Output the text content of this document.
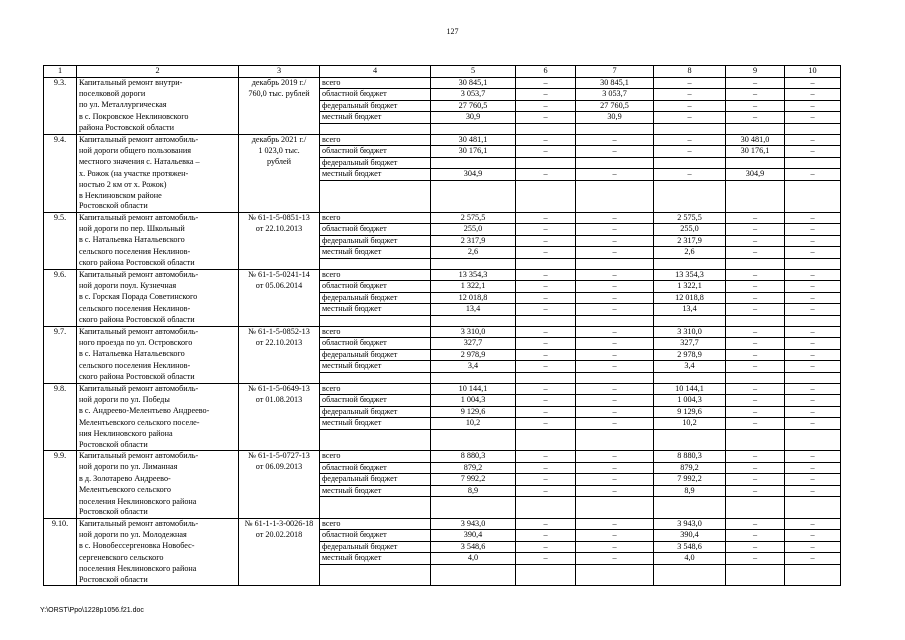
127
1	2	3	4	5	6	7	8	9	10
9.3.	Капитальный ремонт внутри-	декабрь 2019 г./	всего	30 845,1	–	30 845,1	–	–	–
	поселковой дороги	760,0 тыс. рублей	областной бюджет	3 053,7	–	3 053,7	–	–	–
	по ул. Металлургическая		федеральный бюджет	27 760,5	–	27 760,5	–	–	–
	в с. Покровское Неклиновского		местный бюджет	30,9	–	30,9	–	–	–
	района Ростовской области								
9.4.	Капитальный ремонт автомобиль-	декабрь 2021 г./	всего	30 481,1	–	–	–	30 481,0	–
	ной дороги общего пользования	1 023,0 тыс.	областной бюджет	30 176,1	–	–	–	30 176,1	–
	местного значения с. Натальевка –	рублей	федеральный бюджет						
	х. Рожок (на участке протяжен-		местный бюджет	304,9	–	–	–	304,9	–
	ностью 2 км от х. Рожок)								
	в Неклиновском районе								
	Ростовской области								
9.5.	Капитальный ремонт автомобиль-	№ 61-1-5-0851-13	всего	2 575,5	–	–	2 575,5	–	–
	ной дороги по пер. Школьный	от 22.10.2013	областной бюджет	255,0	–	–	255,0	–	–
	в с. Натальевка Натальевского		федеральный бюджет	2 317,9	–	–	2 317,9	–	–
	сельского поселения Неклинов-		местный бюджет	2,6	–	–	2,6	–	–
	ского района Ростовской области								
9.6.	Капитальный ремонт автомобиль-	№ 61-1-5-0241-14	всего	13 354,3	–	–	13 354,3	–	–
	ной дороги поул. Кузнечная	от 05.06.2014	областной бюджет	1 322,1	–	–	1 322,1	–	–
	в с. Горская Порада Советинского		федеральный бюджет	12 018,8	–	–	12 018,8	–	–
	сельского поселения Неклинов-		местный бюджет	13,4	–	–	13,4	–	–
	ского района Ростовской области								
9.7.	Капитальный ремонт автомобиль-	№ 61-1-5-0852-13	всего	3 310,0	–	–	3 310,0	–	–
	ного проезда по ул. Островского	от 22.10.2013	областной бюджет	327,7	–	–	327,7	–	–
	в с. Натальевка Натальевского		федеральный бюджет	2 978,9	–	–	2 978,9	–	–
	сельского поселения Неклинов-		местный бюджет	3,4	–	–	3,4	–	–
	ского района Ростовской области								
9.8.	Капитальный ремонт автомобиль-	№ 61-1-5-0649-13	всего	10 144,1	–	–	10 144,1	–	–
	ной дороги по ул. Победы	от 01.08.2013	областной бюджет	1 004,3	–	–	1 004,3	–	–
	в с. Андреево-Мелентьево Андреево-		федеральный бюджет	9 129,6	–	–	9 129,6	–	–
	Мелентьевского сельского поселе-		местный бюджет	10,2	–	–	10,2	–	–
	ния Неклиновского района								
	Ростовской области								
9.9.	Капитальный ремонт автомобиль-	№ 61-1-5-0727-13	всего	8 880,3	–	–	8 880,3	–	–
	ной дороги по ул. Лиманная	от 06.09.2013	областной бюджет	879,2	–	–	879,2	–	–
	в д. Золотарево Андреево-		федеральный бюджет	7 992,2	–	–	7 992,2	–	–
	Мелентьевского сельского		местный бюджет	8,9	–	–	8,9	–	–
	поселения Неклиновского района								
	Ростовской области								
9.10.	Капитальный ремонт автомобиль-	№ 61-1-1-3-0026-18	всего	3 943,0	–	–	3 943,0	–	–
	ной дороги по ул. Молодежная	от 20.02.2018	областной бюджет	390,4	–	–	390,4	–	–
	в с. Новобессергеновка Новобес-		федеральный бюджет	3 548,6	–	–	3 548,6	–	–
	сергеневского сельского		местный бюджет	4,0	–	–	4,0	–	–
	поселения Неклиновского района								
	Ростовской области								
Y:\ORST\Ppo\1228p1056.f21.doc
